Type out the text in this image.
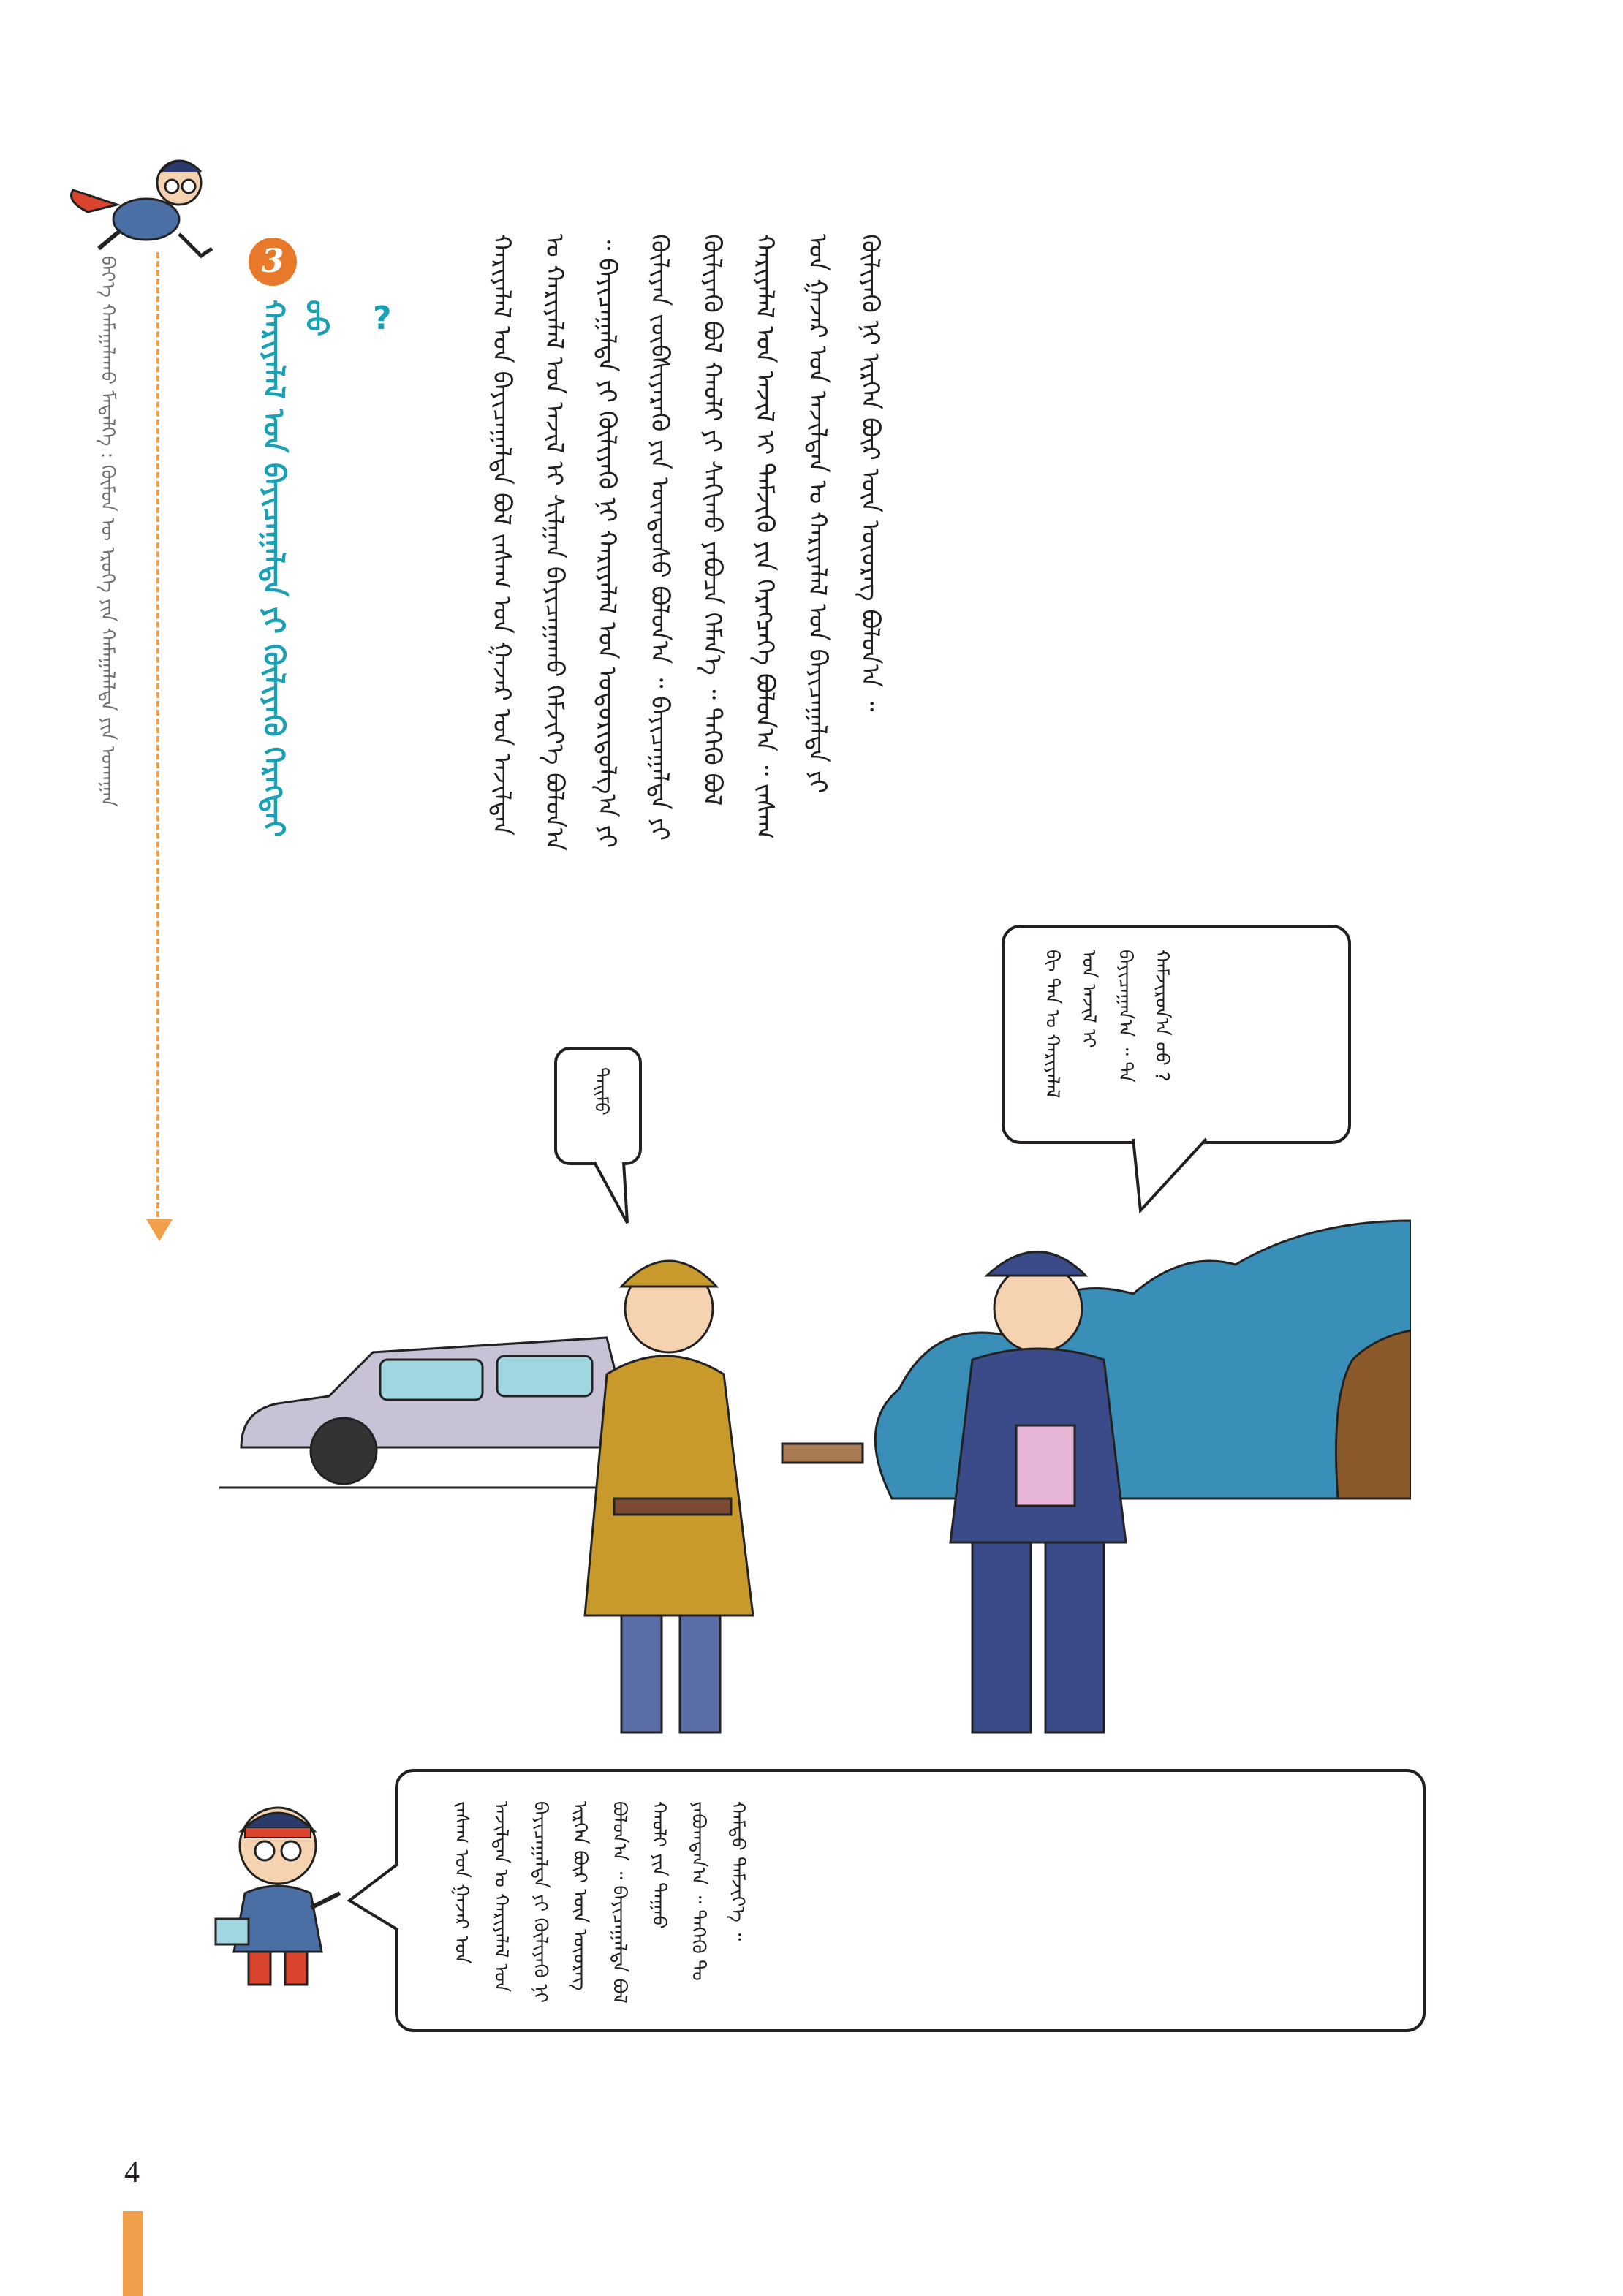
ᠪᠡᠶ᠎ᠡ ᠬᠠᠮᠠᠭᠠᠯᠠᠬᠤ ᠮᠡᠳᠡᠯᠭᠡ : ᠬᠦᠮᠦᠨ ᠦ ᠡᠷᠦᠬᠡ ᠶᠢᠨ ᠬᠠᠮᠠᠭᠠᠯᠠᠯᠲᠠ ᠶᠢᠨ ᠤᠬᠠᠭᠠᠨ	3
ᠬᠠᠷᠢᠶᠠᠯᠠᠯ ᠤᠨ ᠪᠠᠶᠢᠴᠠᠭᠠᠯᠲᠠ ᠶᠢ ᠬᠦᠯᠢᠶᠡᠬᠦ ᠬᠡᠷᠡᠭᠲᠡᠢ ᠦᠦ	?	ᠬᠠᠷᠢᠶᠠᠯᠠᠯ ᠤᠨ ᠪᠠᠶᠢᠴᠠᠭᠠᠯᠲᠠ ᠪᠣᠯ ᠵᠠᠰᠠᠭ ᠤᠨ ᠭᠠᠵᠠᠷ ᠤᠨ ᠠᠵᠢᠯᠲᠠᠨ ᠤ ᠬᠠᠷᠢᠶᠠᠯᠠᠯ ᠤᠨ ᠠᠵᠢᠯ ᠢ ᠰᠢᠯᠭᠠᠨ ᠪᠠᠶᠢᠴᠠᠭᠠᠬᠤ ᠬᠡᠮᠵᠢᠶ᠎ᠡ ᠪᠣᠯᠤᠨ᠎ᠠ ᠃ ᠪᠠᠶᠢᠴᠠᠭᠠᠯᠲᠠ ᠶᠢ ᠬᠦᠯᠢᠶᠡᠬᠦ ᠨᠢ ᠬᠠᠷᠢᠶᠠᠯᠠᠯ ᠤᠨ ᠤᠳᠤᠷᠢᠳᠤᠯᠭ᠎ᠠ ᠶᠢ ᠬᠦᠯᠢᠶᠡᠨ ᠵᠥᠪᠰᠢᠶᠡᠷᠡᠬᠦ ᠶᠢᠨ ᠦᠨᠳᠦᠰᠦ ᠪᠣᠯᠤᠨ᠎ᠠ ᠃ ᠪᠠᠶᠢᠴᠠᠭᠠᠯᠲᠠ ᠶᠢ ᠬᠦᠯᠢᠶᠡᠬᠦ ᠪᠣᠯ ᠬᠠᠤᠯᠢ ᠶᠢ ᠰᠠᠬᠢᠬᠤ ᠶᠠᠪᠤᠴᠠ ᠬᠡᠮᠡᠨ᠎ᠡ ᠃ ᠲᠡᠭᠡᠬᠦ ᠪᠣᠯ ᠬᠠᠷᠢᠶᠠᠯᠠᠯ ᠤᠨ ᠠᠵᠢᠯ ᠢ ᠳᠡᠮᠵᠢᠬᠦ ᠶᠢᠨ ᠬᠡᠷᠡᠭᠴᠡᠭᠡ ᠪᠣᠯᠤᠨ᠎ᠠ ᠃ ᠵᠠᠰᠠᠭ ᠤᠨ ᠭᠠᠵᠠᠷ ᠤᠨ ᠠᠵᠢᠯᠲᠠᠨ ᠤ ᠬᠠᠷᠢᠶᠠᠯᠠᠯ ᠤᠨ ᠪᠠᠶᠢᠴᠠᠭᠠᠯᠲᠠ ᠶᠢ ᠬᠦᠯᠢᠶᠡᠬᠦ ᠨᠢ ᠢᠷᠭᠡᠨ ᠪᠦᠷ ᠦᠨ ᠦᠦᠷᠡᠭ ᠪᠣᠯᠤᠨ᠎ᠠ ᠃
ᠪᠢ ᠲᠠᠨ ᠤ ᠬᠠᠷᠢᠶᠠᠯᠠᠯ ᠤᠨ ᠠᠵᠢᠯ ᠢ ᠪᠠᠶᠢᠴᠠᠭᠠᠨ᠎ᠠ ᠃ ᠲᠠ ᠬᠠᠮᠵᠢᠷᠤᠨ᠎ᠠ ᠤᠤ ?
ᠲᠡᠢᠮᠦ
ᠵᠠᠰᠠᠭ ᠤᠨ ᠭᠠᠵᠠᠷ ᠤᠨ ᠠᠵᠢᠯᠲᠠᠨ ᠤ ᠬᠠᠷᠢᠶᠠᠯᠠᠯ ᠤᠨ ᠪᠠᠶᠢᠴᠠᠭᠠᠯᠲᠠ ᠶᠢ ᠬᠦᠯᠢᠶᠡᠬᠦ ᠨᠢ ᠢᠷᠭᠡᠨ ᠪᠦᠷ ᠦᠨ ᠦᠦᠷᠡᠭ ᠪᠣᠯᠤᠨ᠎ᠠ ᠃ ᠪᠠᠶᠢᠴᠠᠭᠠᠯᠲᠠ ᠪᠣᠯ ᠬᠠᠤᠯᠢ ᠶᠢᠨ ᠳᠠᠭᠠᠤ ᠶᠠᠪᠤᠭᠳᠠᠨ᠎ᠠ ᠃ ᠲᠡᠭᠡᠬᠦ ᠲᠤ ᠬᠠᠮᠲᠤ ᠳᠡᠮᠵᠢᠶ᠎ᠡ ᠃
4
